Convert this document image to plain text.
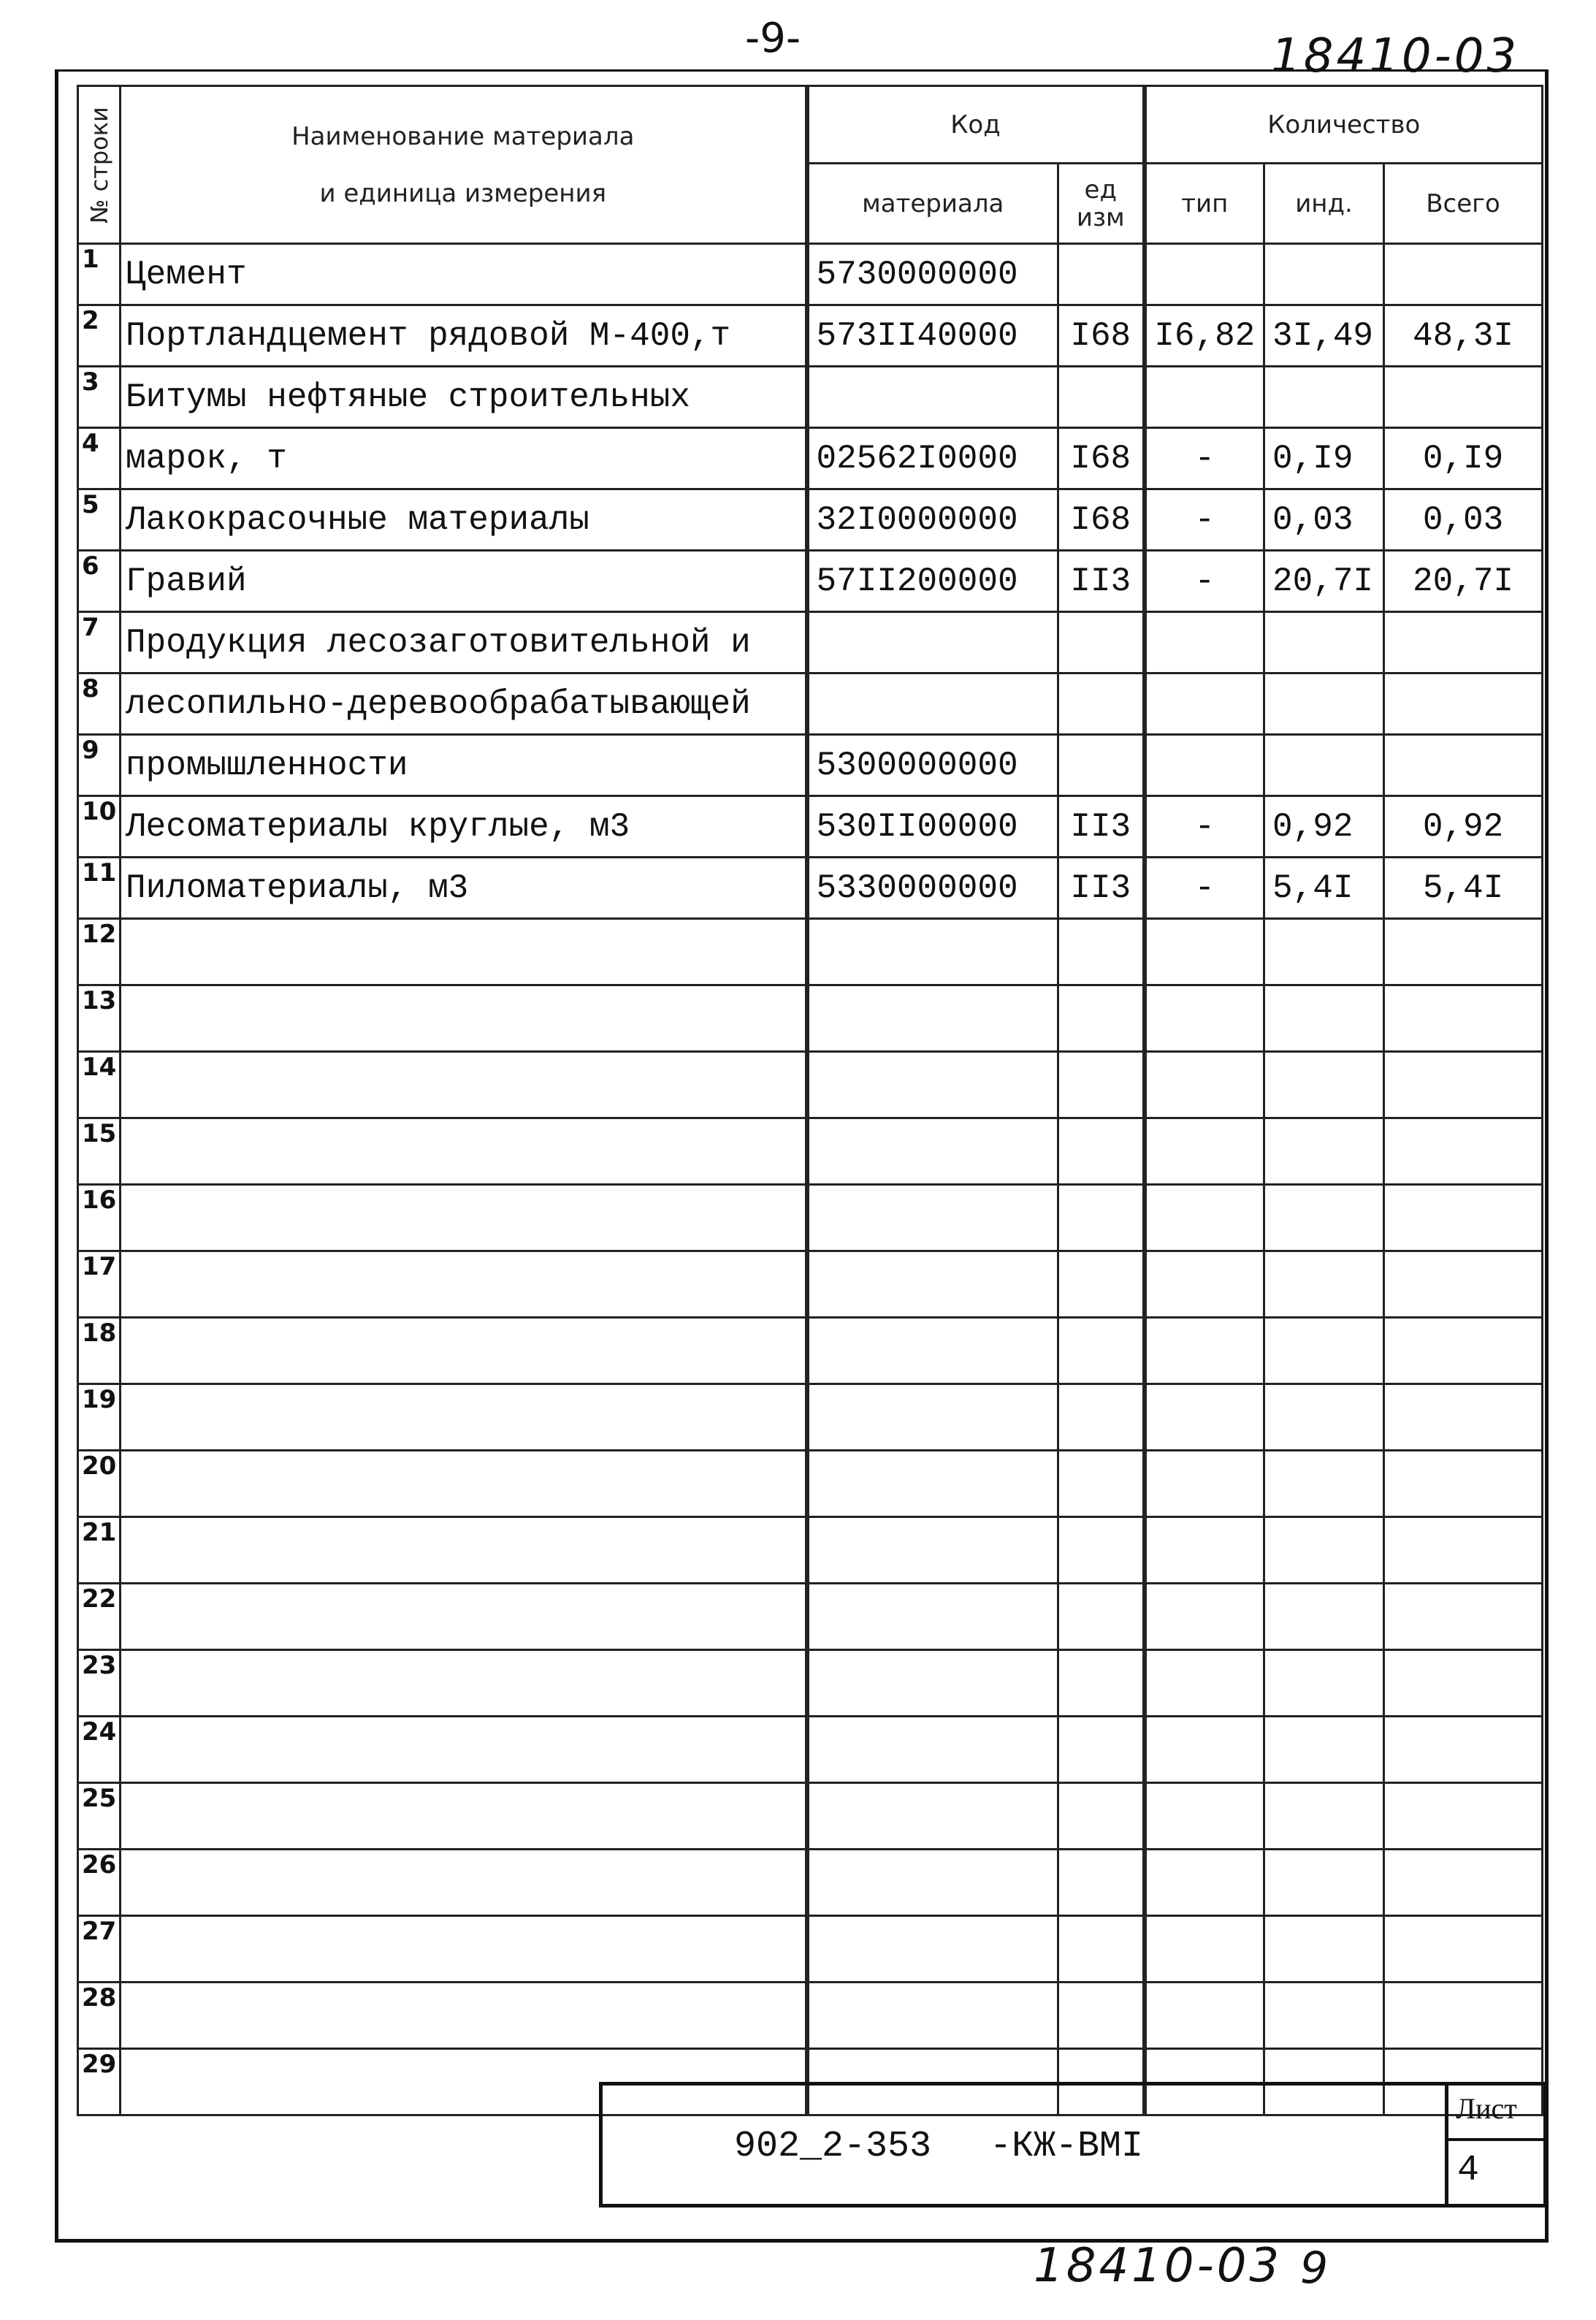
-9-	18410-03
№ строки	Наименование материала
и единица измерения	Код		Количество		
		материала	ед изм	тип	инд.	Всего
1	Цемент	5730000000				
2	Портландцемент рядовой М-400,т	573II40000	I68	I6,82	3I,49	48,3I
3	Битумы нефтяные строительных					
4	марок, т	02562I0000	I68	-	0,I9	0,I9
5	Лакокрасочные материалы	32I0000000	I68	-	0,03	0,03
6	Гравий	57II200000	II3	-	20,7I	20,7I
7	Продукция лесозаготовительной и					
8	лесопильно-деревообрабатывающей					
9	промышленности	5300000000				
10	Лесоматериалы круглые, м3	530II00000	II3	-	0,92	0,92
11	Пиломатериалы, м3	5330000000	II3	-	5,4I	5,4I
12						
13						
14						
15						
16						
17						
18						
19						
20						
21						
22						
23						
24						
25						
26						
27						
28						
29						
902_2-353 -КЖ-ВМI
Лист
4
18410-03 9
